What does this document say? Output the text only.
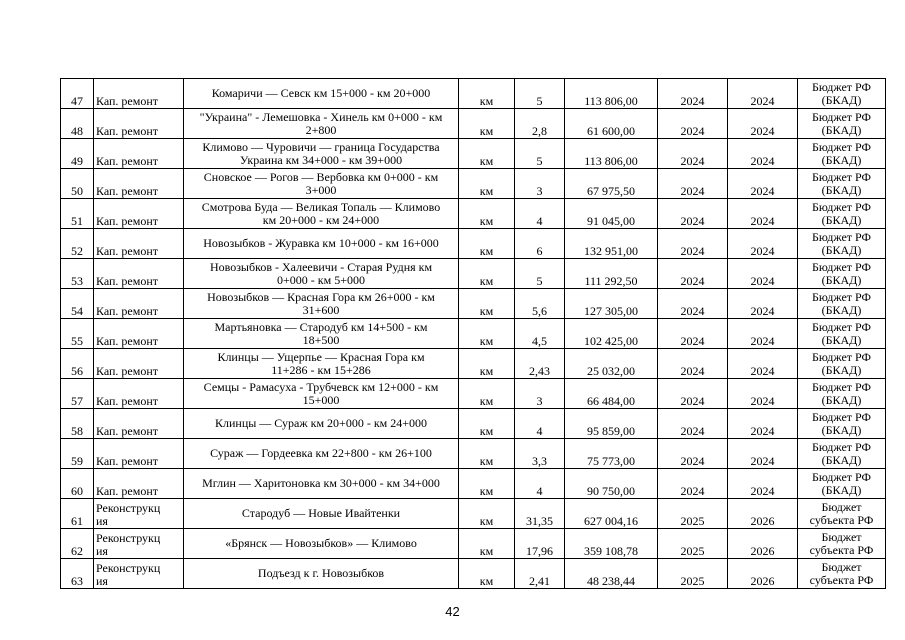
47	Кап. ремонт	Комаричи — Севск км 15+000 - км 20+000	км	5	113 806,00	2024	2024	Бюджет РФ
(БКАД)

48	Кап. ремонт	"Украина" - Лемешовка - Хинель км 0+000 - км
2+800	км	2,8	61 600,00	2024	2024	Бюджет РФ
(БКАД)

49	Кап. ремонт	Климово — Чуровичи — граница Государства
Украина км 34+000 - км 39+000	км	5	113 806,00	2024	2024	Бюджет РФ
(БКАД)

50	Кап. ремонт	Сновское — Рогов — Вербовка км 0+000 - км
3+000	км	3	67 975,50	2024	2024	Бюджет РФ
(БКАД)

51	Кап. ремонт	Смотрова Буда — Великая Топаль — Климово
км 20+000 - км 24+000	км	4	91 045,00	2024	2024	Бюджет РФ
(БКАД)

52	Кап. ремонт	Новозыбков - Журавка км 10+000 - км 16+000	км	6	132 951,00	2024	2024	Бюджет РФ
(БКАД)

53	Кап. ремонт	Новозыбков - Халеевичи - Старая Рудня км
0+000 - км 5+000	км	5	111 292,50	2024	2024	Бюджет РФ
(БКАД)

54	Кап. ремонт	Новозыбков — Красная Гора км 26+000 - км
31+600	км	5,6	127 305,00	2024	2024	Бюджет РФ
(БКАД)

55	Кап. ремонт	Мартьяновка — Стародуб км 14+500 - км
18+500	км	4,5	102 425,00	2024	2024	Бюджет РФ
(БКАД)

56	Кап. ремонт	Клинцы — Ущерпье — Красная Гора км
11+286 - км 15+286	км	2,43	25 032,00	2024	2024	Бюджет РФ
(БКАД)

57	Кап. ремонт	Семцы - Рамасуха - Трубчевск км 12+000 - км
15+000	км	3	66 484,00	2024	2024	Бюджет РФ
(БКАД)

58	Кап. ремонт	Клинцы — Сураж км 20+000 - км 24+000	км	4	95 859,00	2024	2024	Бюджет РФ
(БКАД)

59	Кап. ремонт	Сураж — Гордеевка км 22+800 - км 26+100	км	3,3	75 773,00	2024	2024	Бюджет РФ
(БКАД)

60	Кап. ремонт	Мглин — Харитоновка км 30+000 - км 34+000	км	4	90 750,00	2024	2024	Бюджет РФ
(БКАД)

61	Реконструкц
ия	Стародуб — Новые Ивайтенки	км	31,35	627 004,16	2025	2026	Бюджет
субъекта РФ

62	Реконструкц
ия	«Брянск — Новозыбков» — Климово	км	17,96	359 108,78	2025	2026	Бюджет
субъекта РФ

63	Реконструкц
ия	Подъезд к г. Новозыбков	км	2,41	48 238,44	2025	2026	Бюджет
субъекта РФ
42
